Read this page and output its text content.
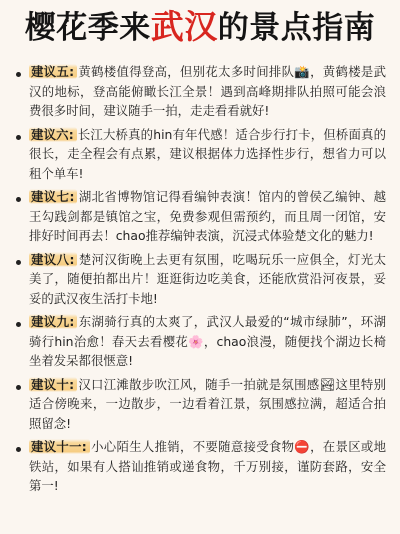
樱花季来武汉的景点指南
建议五: 黄鹤楼值得登高，但别花太多时间排队📸，黄鹤楼是武汉的地标，登高能俯瞰长江全景！遇到高峰期排队拍照可能会浪费很多时间，建议随手一拍，走走看看就好!
建议六: 长江大桥真的hin有年代感！适合步行打卡，但桥面真的很长，走全程会有点累，建议根据体力选择性步行，想省力可以租个单车!
建议七: 湖北省博物馆记得看编钟表演！馆内的曾侯乙编钟、越王勾践剑都是镇馆之宝，免费参观但需预约，而且周一闭馆，安排好时间再去！chao推荐编钟表演，沉浸式体验楚文化的魅力!
建议八: 楚河汉街晚上去更有氛围，吃喝玩乐一应俱全，灯光太美了，随便拍都出片！逛逛街边吃美食，还能欣赏沿河夜景，妥妥的武汉夜生活打卡地!
建议九: 东湖骑行真的太爽了，武汉人最爱的“城市绿肺”，环湖骑行hin治愈！春天去看樱花🌸，chao浪漫，随便找个湖边长椅坐着发呆都很惬意!
建议十: 汉口江滩散步吹江风，随手一拍就是氛围感🏞这里特别适合傍晚来，一边散步，一边看着江景，氛围感拉满，超适合拍照留念!
建议十一: 小心陌生人推销，不要随意接受食物⛔，在景区或地铁站，如果有人搭讪推销或递食物，千万别接，谨防套路，安全第一!
